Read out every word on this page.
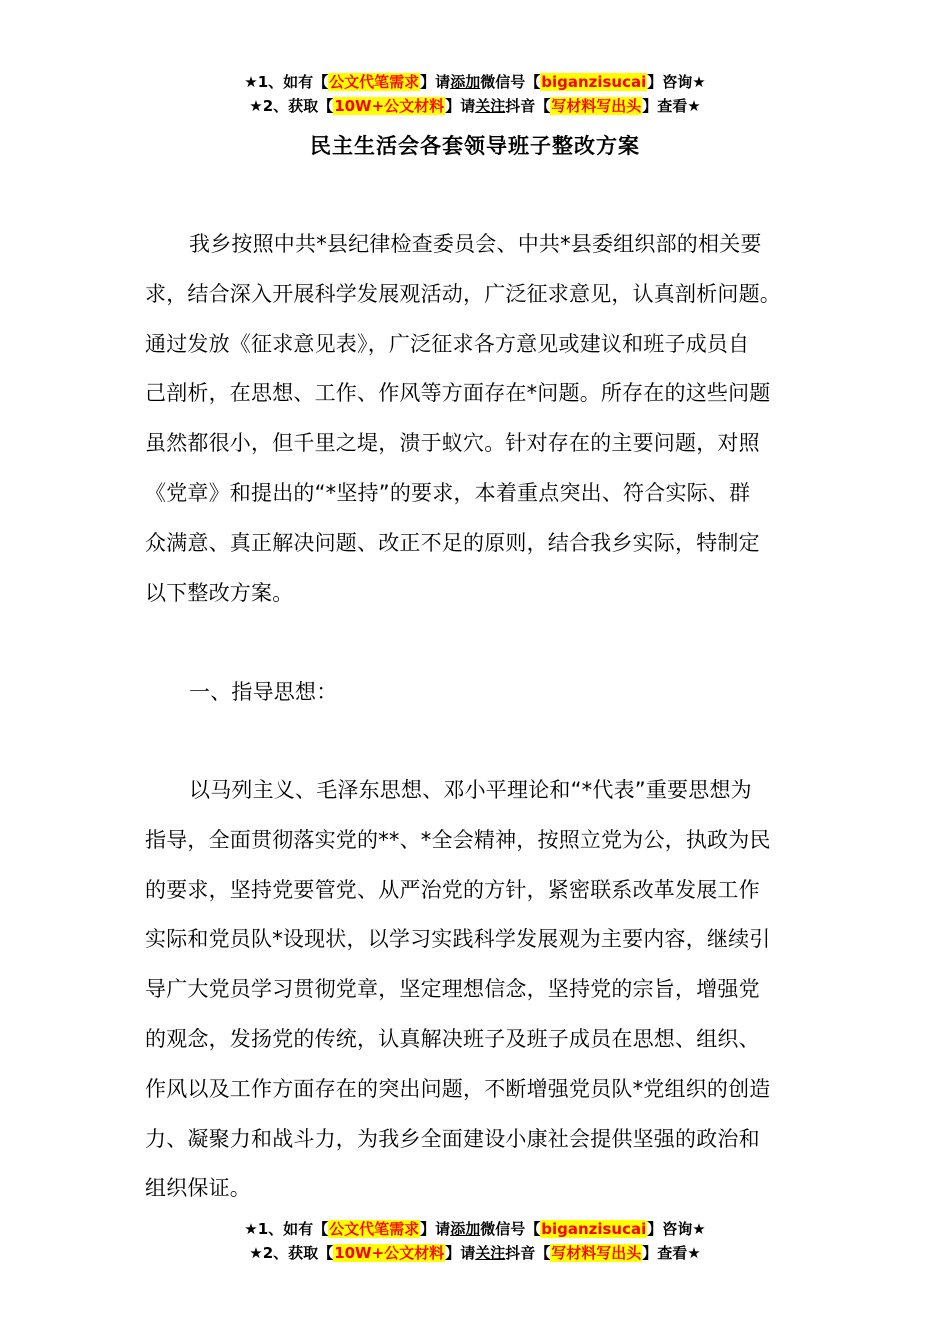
★1、如有【公文代笔需求】请添加微信号【biganzisucai】咨询★
★2、获取【10W+公文材料】请关注抖音【写材料写出头】查看★
民主生活会各套领导班子整改方案

我乡按照中共*县纪律检查委员会、中共*县委组织部的相关要
求，结合深入开展科学发展观活动，广泛征求意见，认真剖析问题。
通过发放《征求意见表》，广泛征求各方意见或建议和班子成员自
己剖析，在思想、工作、作风等方面存在*问题。所存在的这些问题
虽然都很小，但千里之堤，溃于蚁穴。针对存在的主要问题，对照
《党章》和提出的“*坚持”的要求，本着重点突出、符合实际、群
众满意、真正解决问题、改正不足的原则，结合我乡实际，特制定
以下整改方案。

一、指导思想：

以马列主义、毛泽东思想、邓小平理论和“*代表”重要思想为
指导，全面贯彻落实党的**、*全会精神，按照立党为公，执政为民
的要求，坚持党要管党、从严治党的方针，紧密联系改革发展工作
实际和党员队*设现状，以学习实践科学发展观为主要内容，继续引
导广大党员学习贯彻党章，坚定理想信念，坚持党的宗旨，增强党
的观念，发扬党的传统，认真解决班子及班子成员在思想、组织、
作风以及工作方面存在的突出问题，不断增强党员队*党组织的创造
力、凝聚力和战斗力，为我乡全面建设小康社会提供坚强的政治和
组织保证。

★1、如有【公文代笔需求】请添加微信号【biganzisucai】咨询★
★2、获取【10W+公文材料】请关注抖音【写材料写出头】查看★
